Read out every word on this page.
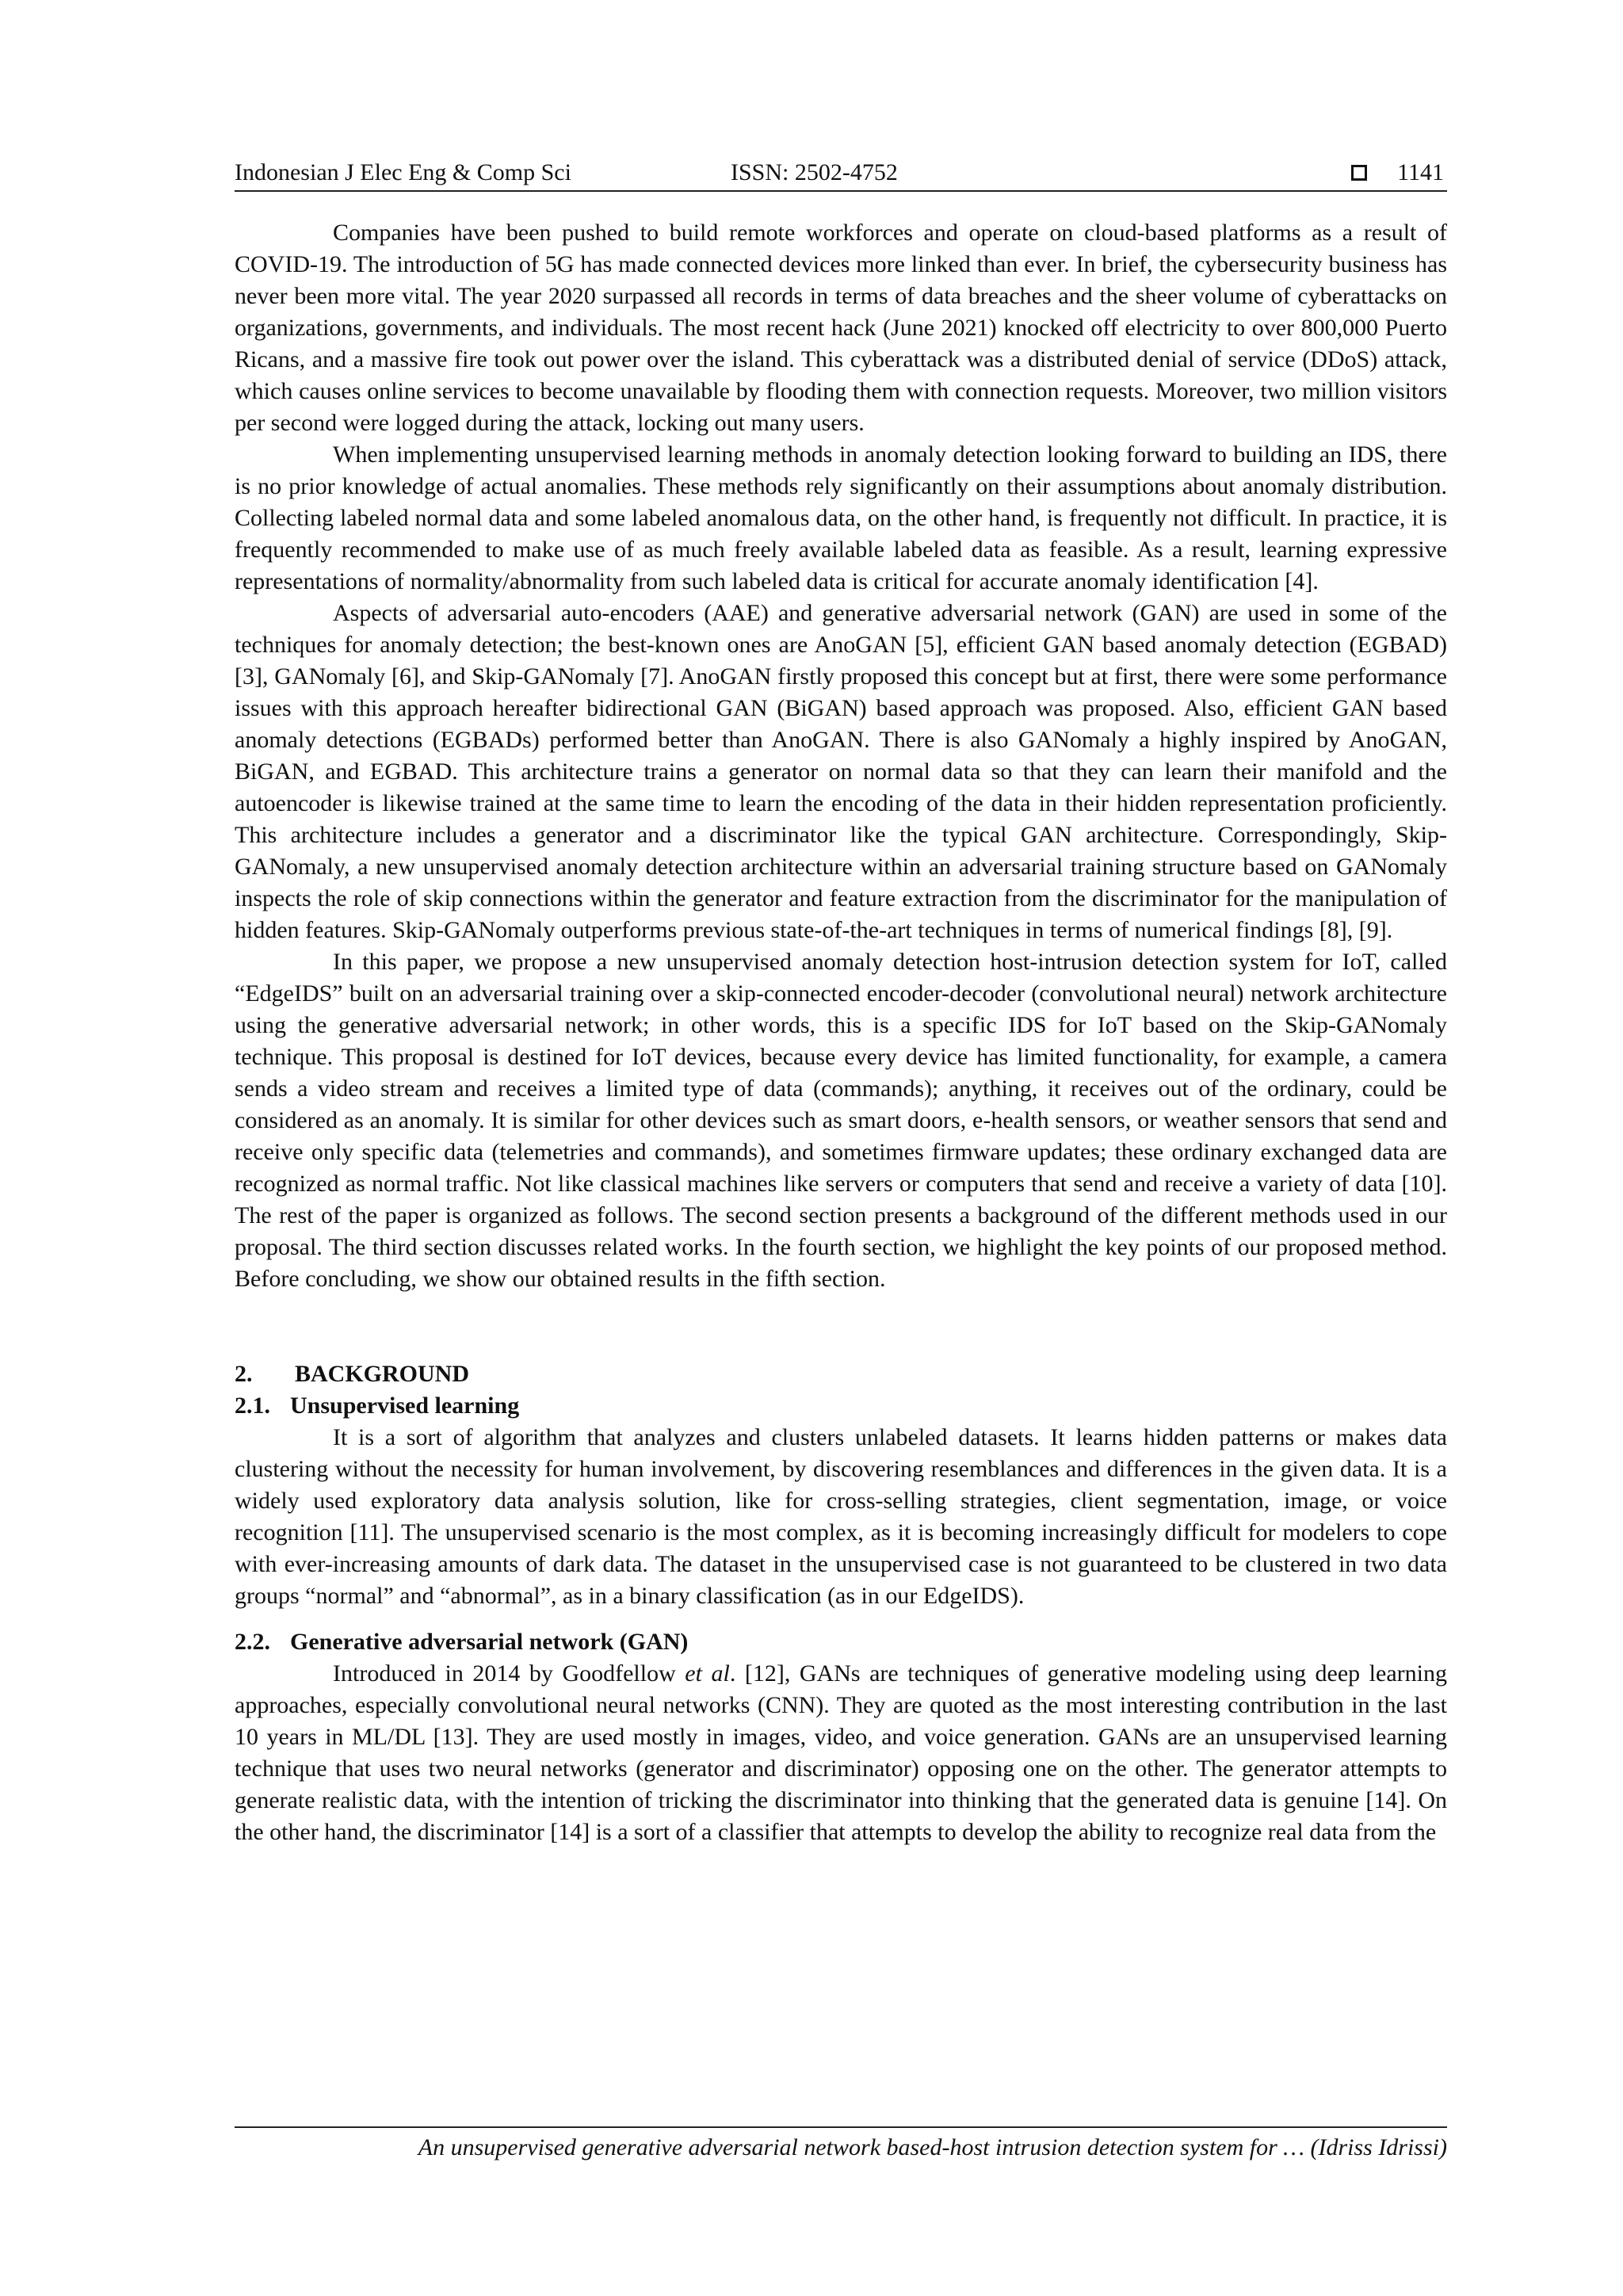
Indonesian J Elec Eng & Comp Sci	ISSN: 2502-4752	1141

Companies have been pushed to build remote workforces and operate on cloud-based platforms as a result of COVID-19. The introduction of 5G has made connected devices more linked than ever. In brief, the cybersecurity business has never been more vital. The year 2020 surpassed all records in terms of data breaches and the sheer volume of cyberattacks on organizations, governments, and individuals. The most recent hack (June 2021) knocked off electricity to over 800,000 Puerto Ricans, and a massive fire took out power over the island. This cyberattack was a distributed denial of service (DDoS) attack, which causes online services to become unavailable by flooding them with connection requests. Moreover, two million visitors per second were logged during the attack, locking out many users.

When implementing unsupervised learning methods in anomaly detection looking forward to building an IDS, there is no prior knowledge of actual anomalies. These methods rely significantly on their assumptions about anomaly distribution. Collecting labeled normal data and some labeled anomalous data, on the other hand, is frequently not difficult. In practice, it is frequently recommended to make use of as much freely available labeled data as feasible. As a result, learning expressive representations of normality/abnormality from such labeled data is critical for accurate anomaly identification [4].

Aspects of adversarial auto-encoders (AAE) and generative adversarial network (GAN) are used in some of the techniques for anomaly detection; the best-known ones are AnoGAN [5], efficient GAN based anomaly detection (EGBAD) [3], GANomaly [6], and Skip-GANomaly [7]. AnoGAN firstly proposed this concept but at first, there were some performance issues with this approach hereafter bidirectional GAN (BiGAN) based approach was proposed. Also, efficient GAN based anomaly detections (EGBADs) performed better than AnoGAN. There is also GANomaly a highly inspired by AnoGAN, BiGAN, and EGBAD. This architecture trains a generator on normal data so that they can learn their manifold and the autoencoder is likewise trained at the same time to learn the encoding of the data in their hidden representation proficiently. This architecture includes a generator and a discriminator like the typical GAN architecture. Correspondingly, Skip-GANomaly, a new unsupervised anomaly detection architecture within an adversarial training structure based on GANomaly inspects the role of skip connections within the generator and feature extraction from the discriminator for the manipulation of hidden features. Skip-GANomaly outperforms previous state-of-the-art techniques in terms of numerical findings [8], [9].

In this paper, we propose a new unsupervised anomaly detection host-intrusion detection system for IoT, called “EdgeIDS” built on an adversarial training over a skip-connected encoder-decoder (convolutional neural) network architecture using the generative adversarial network; in other words, this is a specific IDS for IoT based on the Skip-GANomaly technique. This proposal is destined for IoT devices, because every device has limited functionality, for example, a camera sends a video stream and receives a limited type of data (commands); anything, it receives out of the ordinary, could be considered as an anomaly. It is similar for other devices such as smart doors, e-health sensors, or weather sensors that send and receive only specific data (telemetries and commands), and sometimes firmware updates; these ordinary exchanged data are recognized as normal traffic. Not like classical machines like servers or computers that send and receive a variety of data [10]. The rest of the paper is organized as follows. The second section presents a background of the different methods used in our proposal. The third section discusses related works. In the fourth section, we highlight the key points of our proposed method. Before concluding, we show our obtained results in the fifth section.

2. BACKGROUND
2.1. Unsupervised learning

It is a sort of algorithm that analyzes and clusters unlabeled datasets. It learns hidden patterns or makes data clustering without the necessity for human involvement, by discovering resemblances and differences in the given data. It is a widely used exploratory data analysis solution, like for cross-selling strategies, client segmentation, image, or voice recognition [11]. The unsupervised scenario is the most complex, as it is becoming increasingly difficult for modelers to cope with ever-increasing amounts of dark data. The dataset in the unsupervised case is not guaranteed to be clustered in two data groups “normal” and “abnormal”, as in a binary classification (as in our EdgeIDS).

2.2. Generative adversarial network (GAN)

Introduced in 2014 by Goodfellow et al. [12], GANs are techniques of generative modeling using deep learning approaches, especially convolutional neural networks (CNN). They are quoted as the most interesting contribution in the last 10 years in ML/DL [13]. They are used mostly in images, video, and voice generation. GANs are an unsupervised learning technique that uses two neural networks (generator and discriminator) opposing one on the other. The generator attempts to generate realistic data, with the intention of tricking the discriminator into thinking that the generated data is genuine [14]. On the other hand, the discriminator [14] is a sort of a classifier that attempts to develop the ability to recognize real data from the

An unsupervised generative adversarial network based-host intrusion detection system for … (Idriss Idrissi)
